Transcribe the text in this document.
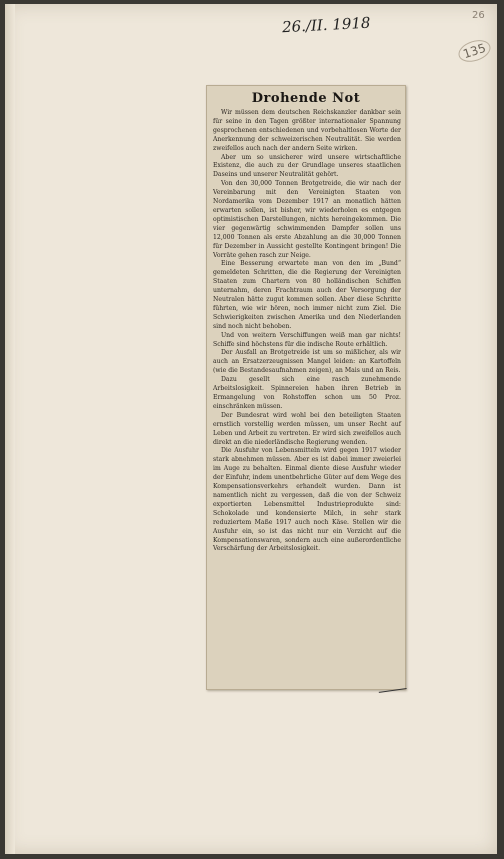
26./II. 1918	26
135
Drohende Not

Wir müssen dem deutschen Reichskanzler dankbar sein für seine in den Tagen größter internationaler Spannung gesprochenen entschiedenen und vorbehaltlosen Worte der Anerkennung der schweizerischen Neutralität. Sie werden zweifellos auch nach der andern Seite wirken.

Aber um so unsicherer wird unsere wirtschaftliche Existenz, die auch zu der Grundlage unseres staatlichen Daseins und unserer Neutralität gehört.

Von den 30,000 Tonnen Brotgetreide, die wir nach der Vereinbarung mit den Vereinigten Staaten von Nordamerika vom Dezember 1917 an monatlich hätten erwarten sollen, ist bisher, wir wiederholen es entgegen optimistischen Darstellungen, nichts hereingekommen. Die vier gegenwärtig schwimmenden Dampfer sollen uns 12,000 Tonnen als erste Abzahlung an die 30,000 Tonnen für Dezember in Aussicht gestellte Kontingent bringen! Die Vorräte gehen rasch zur Neige.

Eine Besserung erwartete man von den im „Bund“ gemeldeten Schritten, die die Regierung der Vereinigten Staaten zum Chartern von 80 holländischen Schiffen unternahm, deren Frachtraum auch der Versorgung der Neutralen hätte zugut kommen sollen. Aber diese Schritte führten, wie wir hören, noch immer nicht zum Ziel. Die Schwierigkeiten zwischen Amerika und den Niederlanden sind noch nicht behoben.

Und von weitern Verschiffungen weiß man gar nichts! Schiffe sind höchstens für die indische Route erhältlich.

Der Ausfall an Brotgetreide ist um so mißlicher, als wir auch an Ersatzerzeugnissen Mangel leiden: an Kartoffeln (wie die Bestandesaufnahmen zeigen), an Mais und an Reis.

Dazu gesellt sich eine rasch zunehmende Arbeitslosigkeit. Spinnereien haben ihren Betrieb in Ermangelung von Rohstoffen schon um 50 Proz. einschränken müssen.

Der Bundesrat wird wohl bei den beteiligten Staaten ernstlich vorstellig werden müssen, um unser Recht auf Leben und Arbeit zu vertreten. Er wird sich zweifellos auch direkt an die niederländische Regierung wenden.

Die Ausfuhr von Lebensmitteln wird gegen 1917 wieder stark abnehmen müssen. Aber es ist dabei immer zweierlei im Auge zu behalten. Einmal diente diese Ausfuhr wieder der Einfuhr, indem unentbehrliche Güter auf dem Wege des Kompensationsverkehrs erhandelt wurden. Dann ist namentlich nicht zu vergessen, daß die von der Schweiz exportierten Lebensmittel Industrieprodukte sind: Schokolade und kondensierte Milch, in sehr stark reduziertem Maße 1917 auch noch Käse. Stellen wir die Ausfuhr ein, so ist das nicht nur ein Verzicht auf die Kompensationswaren, sondern auch eine außerordentliche Verschärfung der Arbeitslosigkeit.
